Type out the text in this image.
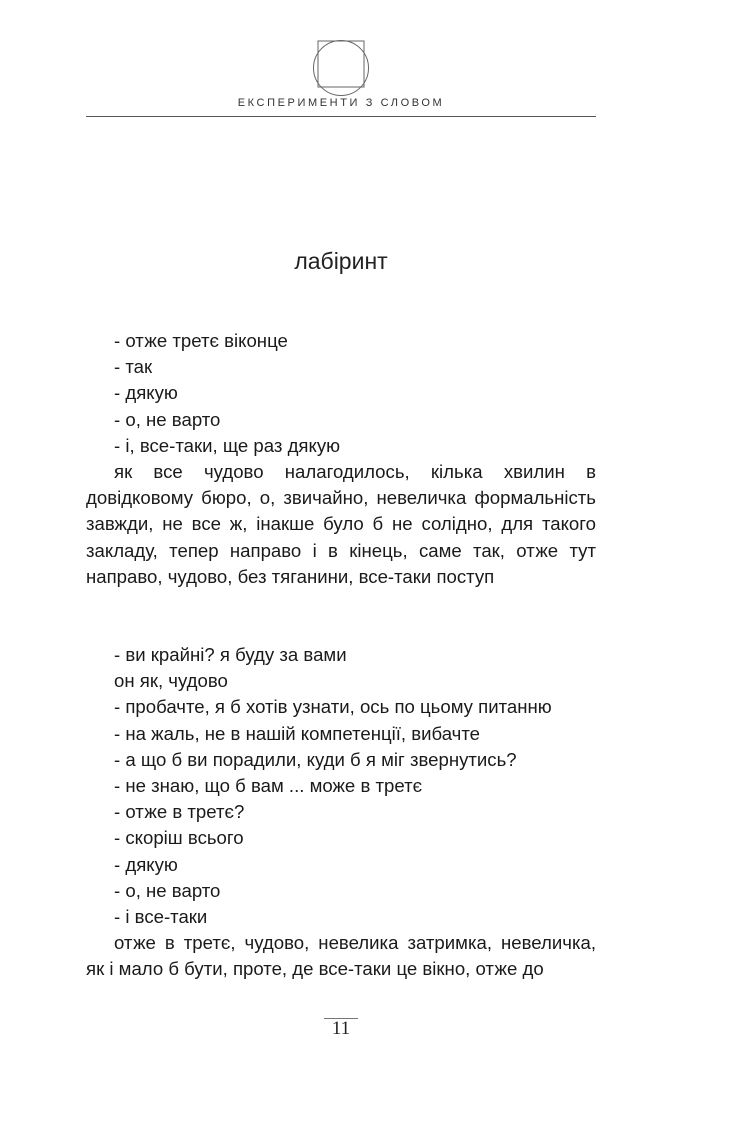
ЕКСПЕРИМЕНТИ З СЛОВОМ
лабіринт
- отже третє віконце
- так
- дякую
- о, не варто
- і, все-таки, ще раз дякую

як все чудово налагодилось, кілька хвилин в довідковому бюро, о, звичайно, невеличка формальність завжди, не все ж, інакше було б не солідно, для такого закладу, тепер направо і в кінець, саме так, отже тут направо, чудово, без тяганини, все-таки поступ

- ви крайні? я буду за вами
он як, чудово
- пробачте, я б хотів узнати, ось по цьому питанню
- на жаль, не в нашій компетенції, вибачте
- а що б ви порадили, куди б я міг звернутись?
- не знаю, що б вам ... може в третє
- отже в третє?
- скоріш всього
- дякую
- о, не варто
- і все-таки

отже в третє, чудово, невелика затримка, невеличка, як і мало б бути, проте, де все-таки це вікно, отже до

11
